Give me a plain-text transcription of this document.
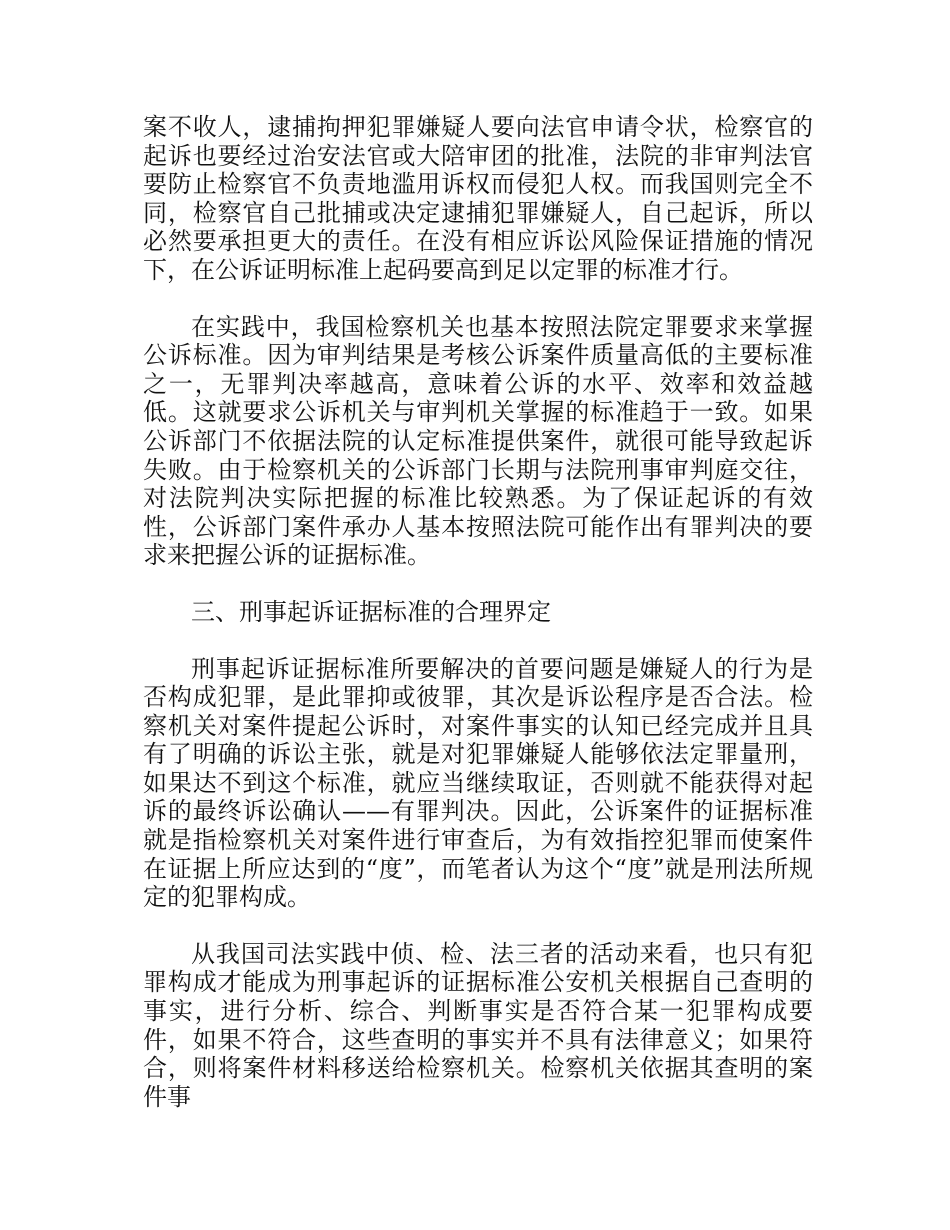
案不收人，逮捕拘押犯罪嫌疑人要向法官申请令状，检察官的起诉也要经过治安法官或大陪审团的批准，法院的非审判法官要防止检察官不负责地滥用诉权而侵犯人权。而我国则完全不同，检察官自己批捕或决定逮捕犯罪嫌疑人，自己起诉，所以必然要承担更大的责任。在没有相应诉讼风险保证措施的情况下，在公诉证明标准上起码要高到足以定罪的标准才行。

在实践中，我国检察机关也基本按照法院定罪要求来掌握公诉标准。因为审判结果是考核公诉案件质量高低的主要标准之一，无罪判决率越高，意味着公诉的水平、效率和效益越低。这就要求公诉机关与审判机关掌握的标准趋于一致。如果公诉部门不依据法院的认定标准提供案件，就很可能导致起诉失败。由于检察机关的公诉部门长期与法院刑事审判庭交往，对法院判决实际把握的标准比较熟悉。为了保证起诉的有效性，公诉部门案件承办人基本按照法院可能作出有罪判决的要求来把握公诉的证据标准。

三、刑事起诉证据标准的合理界定

刑事起诉证据标准所要解决的首要问题是嫌疑人的行为是否构成犯罪，是此罪抑或彼罪，其次是诉讼程序是否合法。检察机关对案件提起公诉时，对案件事实的认知已经完成并且具有了明确的诉讼主张，就是对犯罪嫌疑人能够依法定罪量刑，如果达不到这个标准，就应当继续取证，否则就不能获得对起诉的最终诉讼确认——有罪判决。因此，公诉案件的证据标准就是指检察机关对案件进行审查后，为有效指控犯罪而使案件在证据上所应达到的“度”，而笔者认为这个“度”就是刑法所规定的犯罪构成。

从我国司法实践中侦、检、法三者的活动来看，也只有犯罪构成才能成为刑事起诉的证据标准公安机关根据自己查明的事实，进行分析、综合、判断事实是否符合某一犯罪构成要件，如果不符合，这些查明的事实并不具有法律意义；如果符合，则将案件材料移送给检察机关。检察机关依据其查明的案件事
